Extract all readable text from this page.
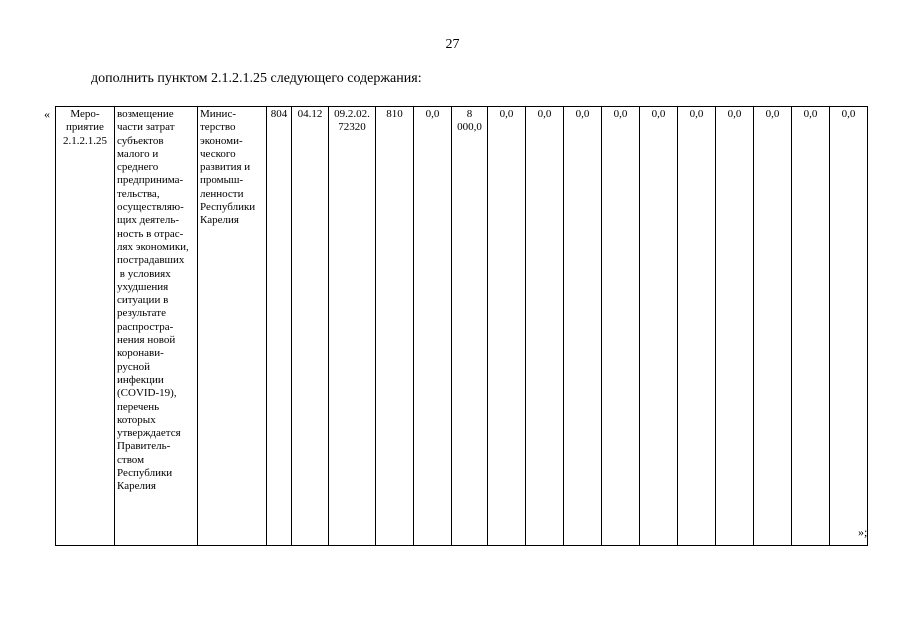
27
дополнить пунктом 2.1.2.1.25 следующего содержания:
«	Меро-
приятие
2.1.2.1.25

возмещение
части затрат
субъектов
малого и
среднего
предпринима-
тельства,
осуществляю-
щих деятель-
ность в отрас-
лях экономики,
пострадавших
в условиях
ухудшения
ситуации в
результате
распростра-
нения новой
коронави-
русной
инфекции
(COVID-19),
перечень
которых
утверждается
Правитель-
ством
Республики
Карелия

Минис-
терство
экономи-
ческого
развития и
промыш-
ленности
Республики
Карелия
	804	04.12	09.2.02.
72320
	810	0,0	8
000,0
	0,0	0,0	0,0	0,0	0,0	0,0	0,0	0,0	0,0	0,0
»;
